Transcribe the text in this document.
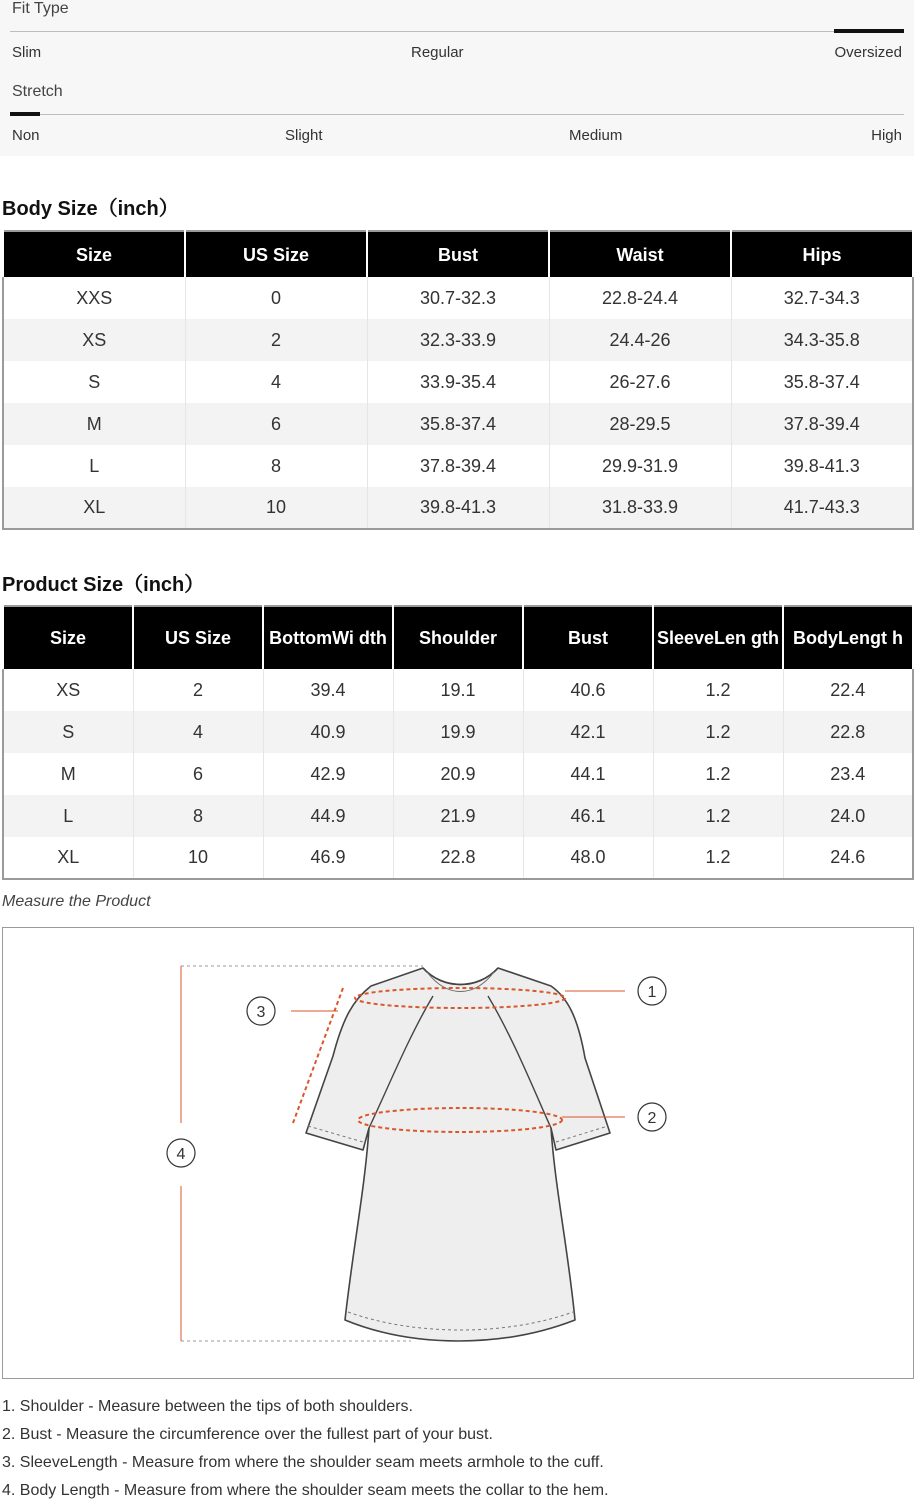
Fit Type
Slim	Regular	Oversized
Stretch
Non	Slight	Medium	High
Body Size（inch）
Size	US Size	Bust	Waist	Hips
XXS	0	30.7-32.3	22.8-24.4	32.7-34.3
XS	2	32.3-33.9	24.4-26	34.3-35.8
S	4	33.9-35.4	26-27.6	35.8-37.4
M	6	35.8-37.4	28-29.5	37.8-39.4
L	8	37.8-39.4	29.9-31.9	39.8-41.3
XL	10	39.8-41.3	31.8-33.9	41.7-43.3
Product Size（inch）
Size	US Size	BottomWi dth	Shoulder	Bust	SleeveLen gth	BodyLengt h
XS	2	39.4	19.1	40.6	1.2	22.4
S	4	40.9	19.9	42.1	1.2	22.8
M	6	42.9	20.9	44.1	1.2	23.4
L	8	44.9	21.9	46.1	1.2	24.0
XL	10	46.9	22.8	48.0	1.2	24.6
Measure the Product
1
2
3
4
1. Shoulder - Measure between the tips of both shoulders.
2. Bust - Measure the circumference over the fullest part of your bust.
3. SleeveLength - Measure from where the shoulder seam meets armhole to the cuff.
4. Body Length - Measure from where the shoulder seam meets the collar to the hem.
